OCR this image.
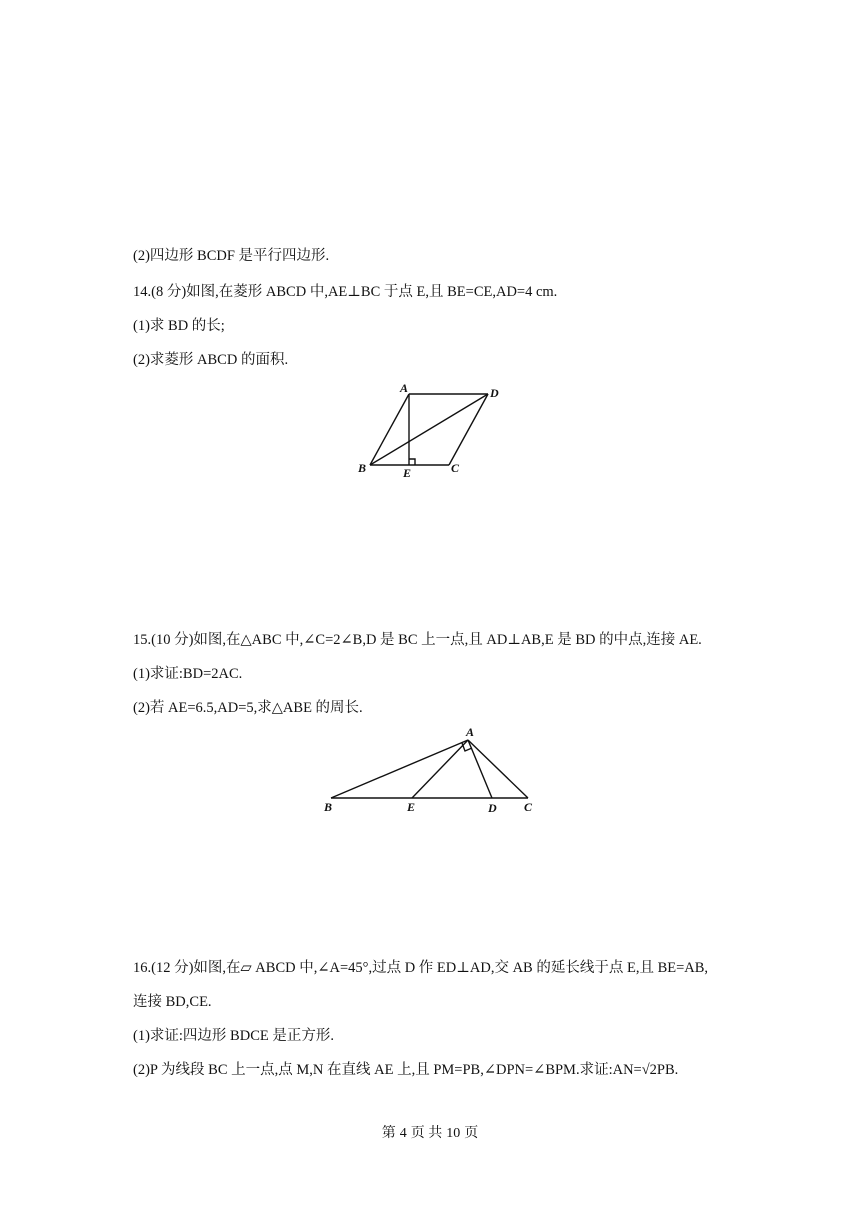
(2)四边形 BCDF 是平行四边形.
14.(8 分)如图,在菱形 ABCD 中,AE⊥BC 于点 E,且 BE=CE,AD=4 cm.
(1)求 BD 的长;
(2)求菱形 ABCD 的面积.
A	D
B	E	C
15.(10 分)如图,在△ABC 中,∠C=2∠B,D 是 BC 上一点,且 AD⊥AB,E 是 BD 的中点,连接 AE.
(1)求证:BD=2AC.
(2)若 AE=6.5,AD=5,求△ABE 的周长.
A
B	E	D C
16.(12 分)如图,在▱ ABCD 中,∠A=45°,过点 D 作 ED⊥AD,交 AB 的延长线于点 E,且 BE=AB,
连接 BD,CE.
(1)求证:四边形 BDCE 是正方形.
(2)P 为线段 BC 上一点,点 M,N 在直线 AE 上,且 PM=PB,∠DPN=∠BPM.求证:AN=√2PB.
第 4 页 共 10 页
